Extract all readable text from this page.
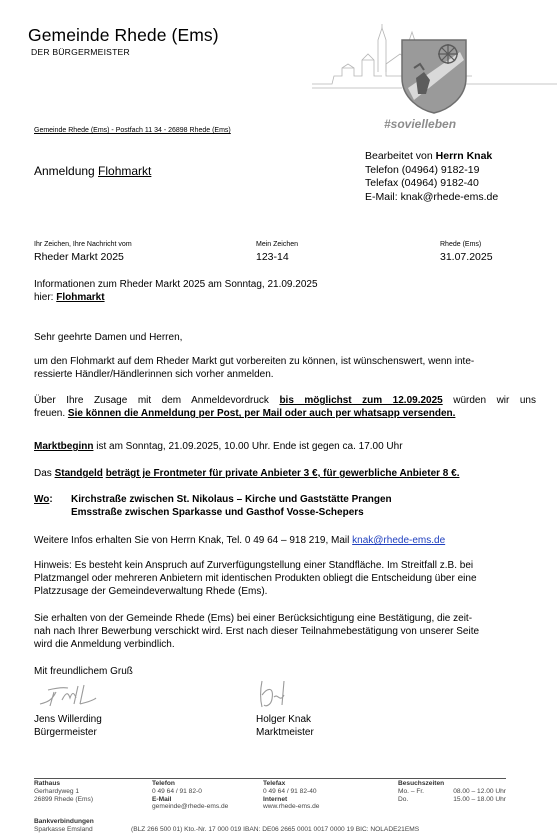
Gemeinde Rhede (Ems)
DER BÜRGERMEISTER
#sovielleben
Gemeinde Rhede (Ems) - Postfach 11 34 - 26898 Rhede (Ems)
Anmeldung Flohmarkt
Bearbeitet von Herrn Knak
Telefon (04964) 9182-19
Telefax (04964) 9182-40
E-Mail: knak@rhede-ems.de
Ihr Zeichen, Ihre Nachricht vom
Rheder Markt 2025
Mein Zeichen
123-14
Rhede (Ems)
31.07.2025
Informationen zum Rheder Markt 2025 am Sonntag, 21.09.2025
hier: Flohmarkt
Sehr geehrte Damen und Herren,
um den Flohmarkt auf dem Rheder Markt gut vorbereiten zu können, ist wünschenswert, wenn inte-
ressierte Händler/Händlerinnen sich vorher anmelden.
Über Ihre Zusage mit dem Anmeldevordruck bis möglichst zum 12.09.2025 würden wir uns
freuen. Sie können die Anmeldung per Post, per Mail oder auch per whatsapp versenden.
Marktbeginn ist am Sonntag, 21.09.2025, 10.00 Uhr. Ende ist gegen ca. 17.00 Uhr
Das Standgeld beträgt je Frontmeter für private Anbieter 3 €, für gewerbliche Anbieter 8 €.
Wo: Kirchstraße zwischen St. Nikolaus – Kirche und Gaststätte Prangen
Emsstraße zwischen Sparkasse und Gasthof Vosse-Schepers
Weitere Infos erhalten Sie von Herrn Knak, Tel. 0 49 64 – 918 219, Mail knak@rhede-ems.de
Hinweis: Es besteht kein Anspruch auf Zurverfügungstellung einer Standfläche. Im Streitfall z.B. bei
Platzmangel oder mehreren Anbietern mit identischen Produkten obliegt die Entscheidung über eine
Platzzusage der Gemeindeverwaltung Rhede (Ems).
Sie erhalten von der Gemeinde Rhede (Ems) bei einer Berücksichtigung eine Bestätigung, die zeit-
nah nach Ihrer Bewerbung verschickt wird. Erst nach dieser Teilnahmebestätigung von unserer Seite
wird die Anmeldung verbindlich.
Mit freundlichem Gruß
Jens Willerding
Bürgermeister
Holger Knak
Marktmeister
Rathaus
Gerhardyweg 1
26899 Rhede (Ems)
Telefon
0 49 64 / 91 82-0
E-Mail
gemeinde@rhede-ems.de
Telefax
0 49 64 / 91 82-40
Internet
www.rhede-ems.de
Besuchszeiten
Mo. – Fr.	08.00 – 12.00 Uhr
Do.	15.00 – 18.00 Uhr
Bankverbindungen
Sparkasse Emsland	(BLZ 266 500 01) Kto.-Nr. 17 000 019 IBAN: DE06 2665 0001 0017 0000 19 BIC: NOLADE21EMS
